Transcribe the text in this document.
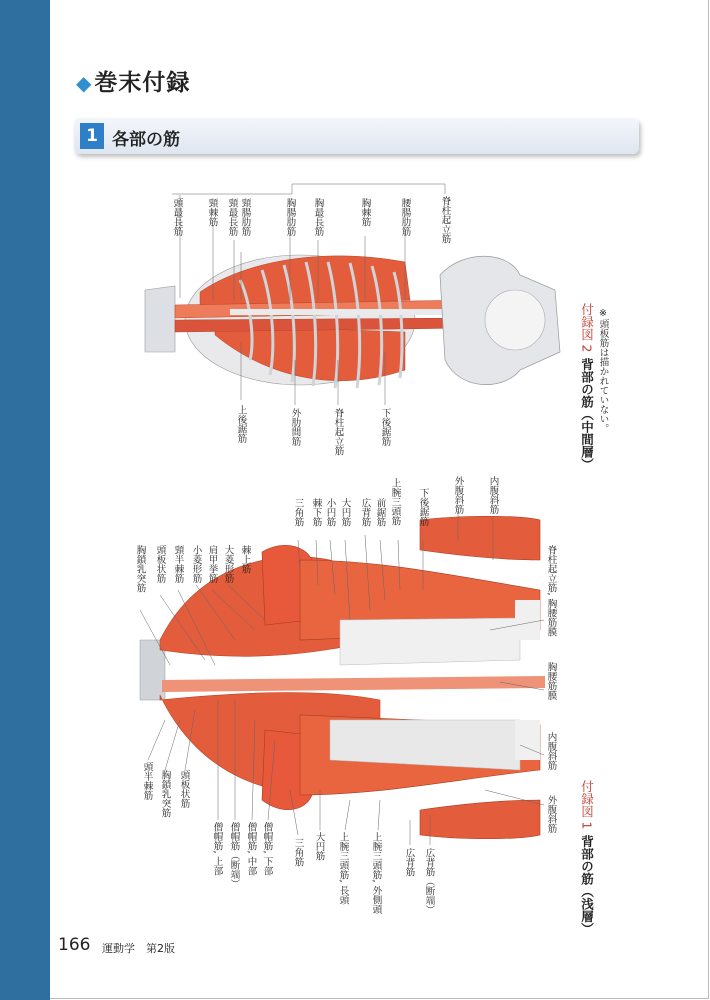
◆巻末付録
1 各部の筋
頭最長筋	頸棘筋 頸最長筋 頸腸肋筋	胸腸肋筋 胸最長筋	胸棘筋	腰腸肋筋	脊柱起立筋
上後鋸筋	外肋間筋	脊柱起立筋	下後鋸筋
付録図 2背部の筋（中間層） ※頭板筋は描かれていない。
胸鎖乳突筋 頭板状筋 頸半棘筋 小菱形筋 肩甲挙筋 大菱形筋 棘上筋
三角筋 棘下筋 小円筋 大円筋 広背筋 前鋸筋 上腕三頭筋 下後鋸筋	外腹斜筋	内腹斜筋
脊柱起立筋, 胸腰筋膜
胸腰筋膜
内腹斜筋
外腹斜筋
頭半棘筋 胸鎖乳突筋 頭板状筋
僧帽筋, 上部 僧帽筋（断端） 僧帽筋, 中部 僧帽筋, 下部 三角筋 大円筋 上腕三頭筋, 長頭 上腕三頭筋, 外側頭 広背筋 広背筋（断端）
付録図 1背部の筋（浅層）
166 運動学　第2版
